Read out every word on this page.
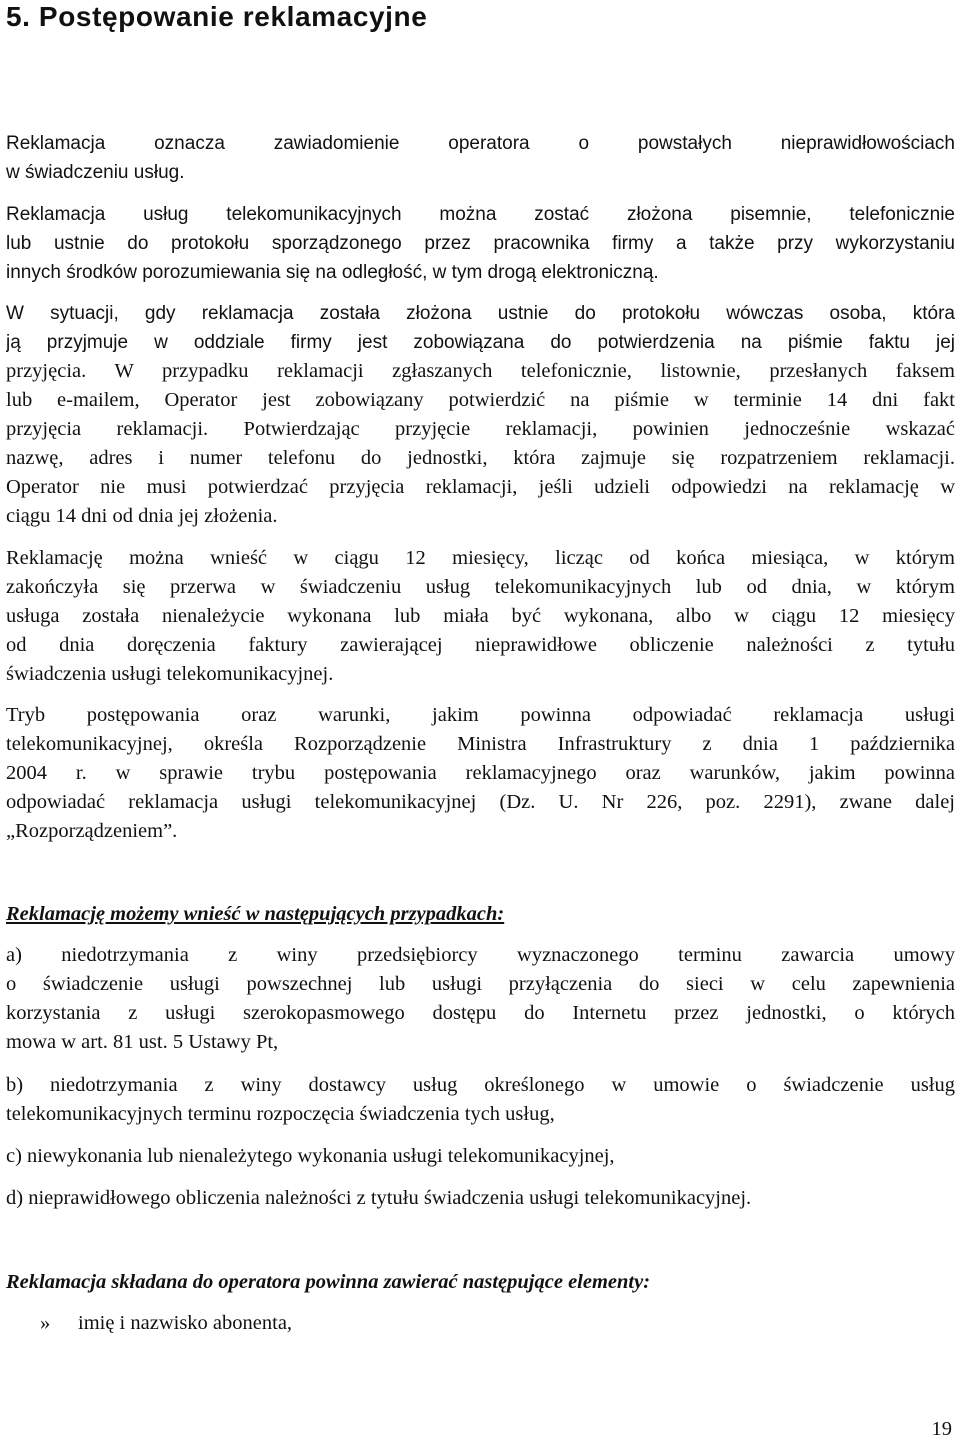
5. Postępowanie reklamacyjne
Reklamacja oznacza zawiadomienie operatora o powstałych nieprawidłowościach
w świadczeniu usług.
Reklamacja usług telekomunikacyjnych można zostać złożona pisemnie, telefonicznie
lub ustnie do protokołu sporządzonego przez pracownika firmy a także przy wykorzystaniu
innych środków porozumiewania się na odległość, w tym drogą elektroniczną.
W sytuacji, gdy reklamacja została złożona ustnie do protokołu wówczas osoba, która
ją przyjmuje w oddziale firmy jest zobowiązana do potwierdzenia na piśmie faktu jej
przyjęcia. W przypadku reklamacji zgłaszanych telefonicznie, listownie, przesłanych faksem
lub e-mailem, Operator jest zobowiązany potwierdzić na piśmie w terminie 14 dni fakt
przyjęcia reklamacji. Potwierdzając przyjęcie reklamacji, powinien jednocześnie wskazać
nazwę, adres i numer telefonu do jednostki, która zajmuje się rozpatrzeniem reklamacji.
Operator nie musi potwierdzać przyjęcia reklamacji, jeśli udzieli odpowiedzi na reklamację w
ciągu 14 dni od dnia jej złożenia.
Reklamację można wnieść w ciągu 12 miesięcy, licząc od końca miesiąca, w którym
zakończyła się przerwa w świadczeniu usług telekomunikacyjnych lub od dnia, w którym
usługa została nienależycie wykonana lub miała być wykonana, albo w ciągu 12 miesięcy
od dnia doręczenia faktury zawierającej nieprawidłowe obliczenie należności z tytułu
świadczenia usługi telekomunikacyjnej.
Tryb postępowania oraz warunki, jakim powinna odpowiadać reklamacja usługi
telekomunikacyjnej, określa Rozporządzenie Ministra Infrastruktury z dnia 1 października
2004 r. w sprawie trybu postępowania reklamacyjnego oraz warunków, jakim powinna
odpowiadać reklamacja usługi telekomunikacyjnej (Dz. U. Nr 226, poz. 2291), zwane dalej
„Rozporządzeniem”.
Reklamację możemy wnieść w następujących przypadkach:
a) niedotrzymania z winy przedsiębiorcy wyznaczonego terminu zawarcia umowy
o świadczenie usługi powszechnej lub usługi przyłączenia do sieci w celu zapewnienia
korzystania z usługi szerokopasmowego dostępu do Internetu przez jednostki, o których
mowa w art. 81 ust. 5 Ustawy Pt,
b) niedotrzymania z winy dostawcy usług określonego w umowie o świadczenie usług
telekomunikacyjnych terminu rozpoczęcia świadczenia tych usług,
c) niewykonania lub nienależytego wykonania usługi telekomunikacyjnej,
d) nieprawidłowego obliczenia należności z tytułu świadczenia usługi telekomunikacyjnej.
Reklamacja składana do operatora powinna zawierać następujące elementy:
» imię i nazwisko abonenta,
19
